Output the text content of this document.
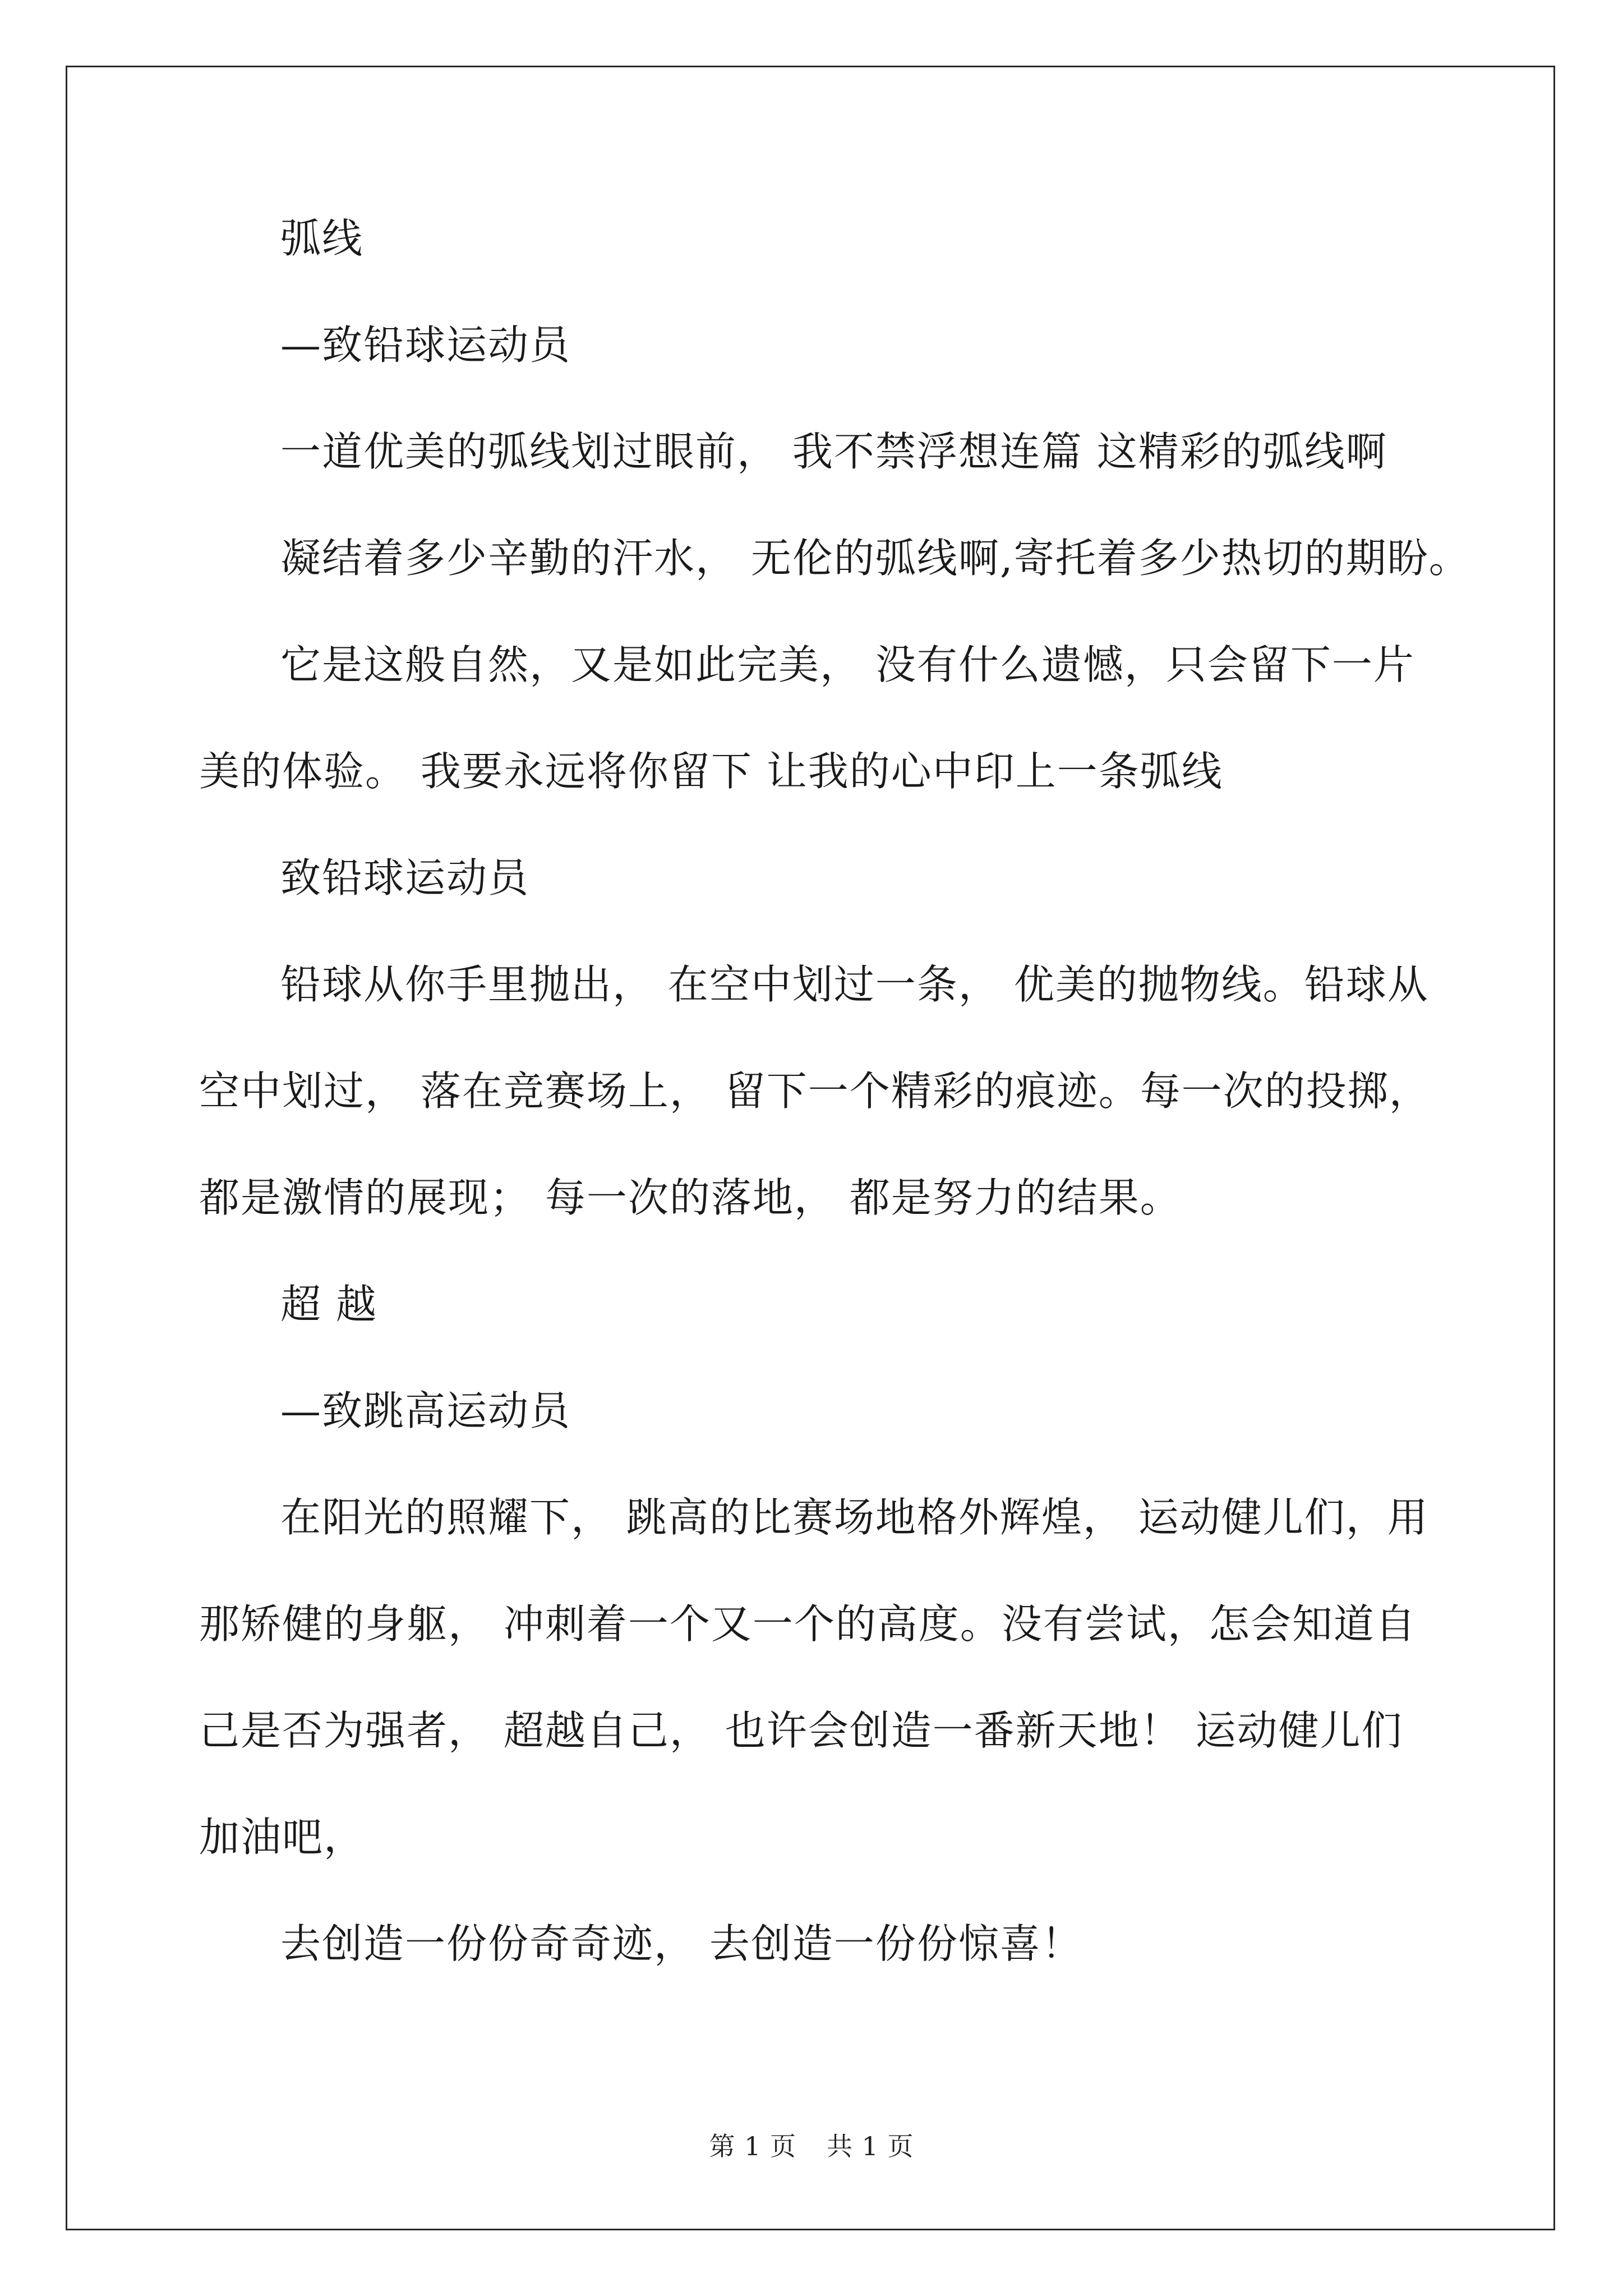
弧线

—致铅球运动员

一道优美的弧线划过眼前， 我不禁浮想连篇 这精彩的弧线啊

凝结着多少辛勤的汗水， 无伦的弧线啊,寄托着多少热切的期盼。

它是这般自然，又是如此完美， 没有什么遗憾，只会留下一片美的体验。 我要永远将你留下 让我的心中印上一条弧线

致铅球运动员

铅球从你手里抛出， 在空中划过一条， 优美的抛物线。铅球从空中划过， 落在竞赛场上， 留下一个精彩的痕迹。每一次的投掷，都是激情的展现； 每一次的落地， 都是努力的结果。

超 越

—致跳高运动员

在阳光的照耀下， 跳高的比赛场地格外辉煌， 运动健儿们，用那矫健的身躯， 冲刺着一个又一个的高度。没有尝试，怎会知道自己是否为强者， 超越自己， 也许会创造一番新天地！ 运动健儿们加油吧，

去创造一份份奇奇迹， 去创造一份份惊喜！

第 1 页 共 1 页
